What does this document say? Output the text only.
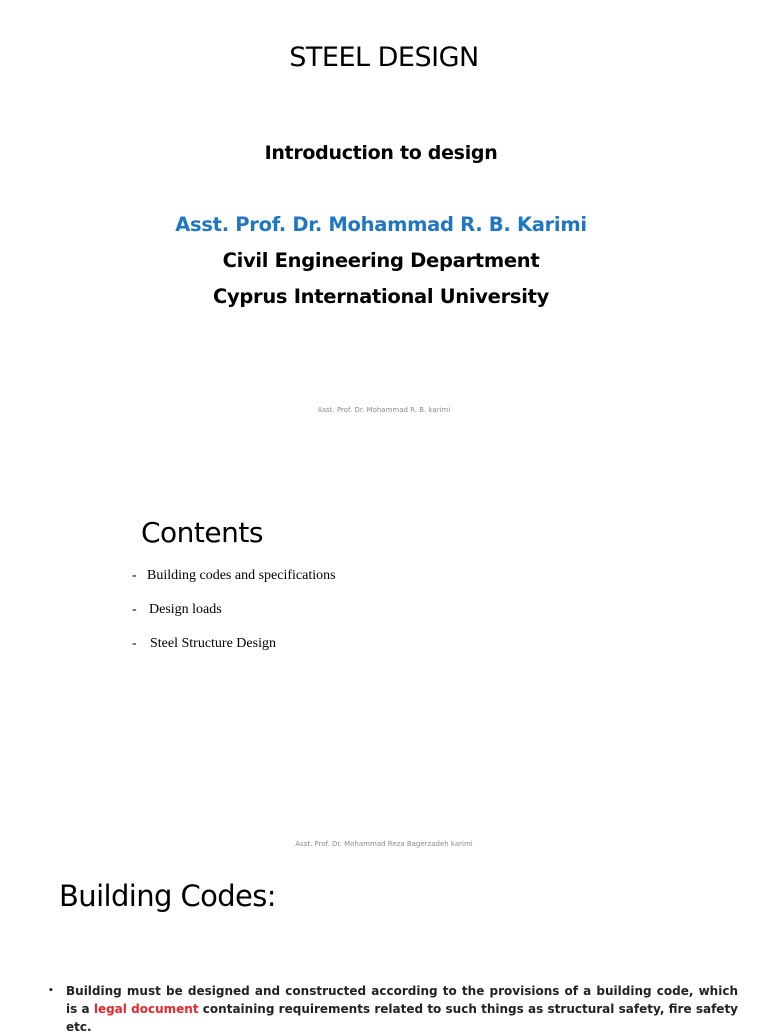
STEEL DESIGN
Introduction to design
Asst. Prof. Dr. Mohammad R. B. Karimi
Civil Engineering Department
Cyprus International University
Asst. Prof. Dr. Mohammad R. B. karimi
Contents
- Building codes and specifications
- Design loads
- Steel Structure Design
Asst. Prof. Dr. Mohammad Reza Bagerzadeh karimi
Building Codes:
• Building must be designed and constructed according to the provisions of a building code, which is a legal document containing requirements related to such things as structural safety, fire safety etc.
